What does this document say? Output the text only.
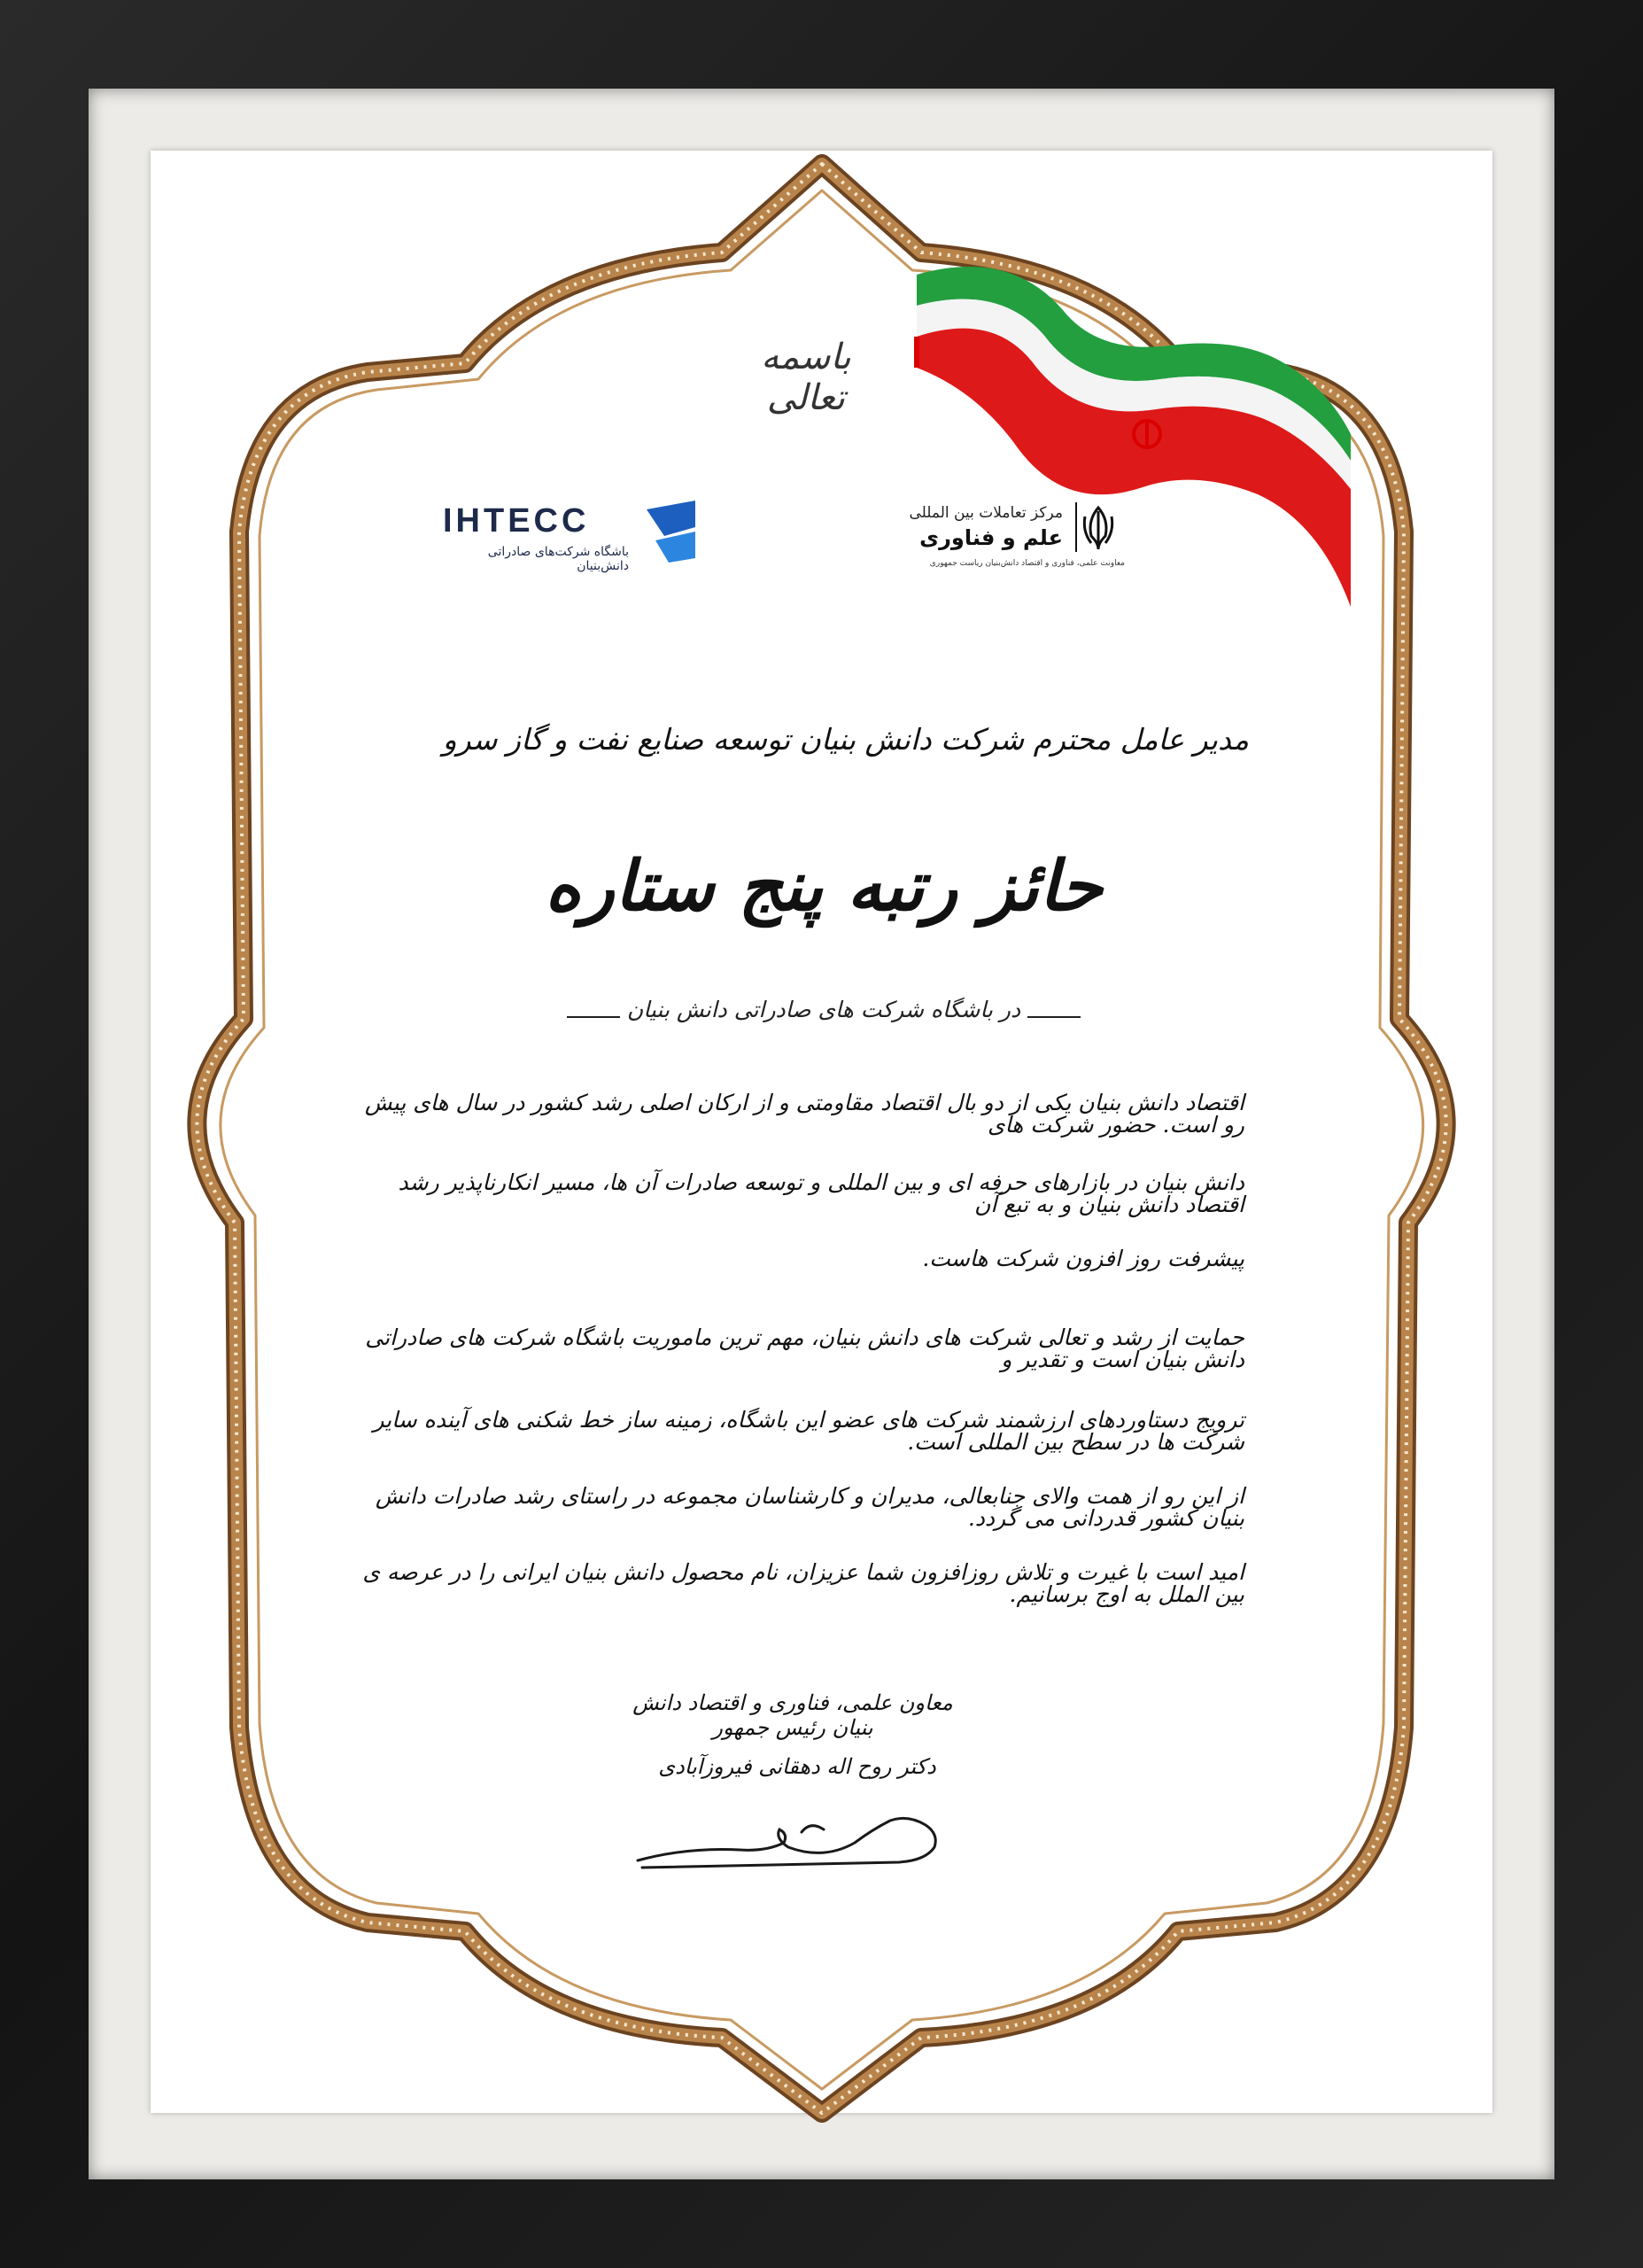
باسمه تعالی
IHTECC
باشگاه شرکت‌های صادراتی دانش‌بنیان
مرکز تعاملات بین المللی
علم و فناوری
معاونت علمی، فناوری و اقتصاد دانش‌بنیان ریاست جمهوری
مدیر عامل محترم شرکت دانش بنیان توسعه صنایع نفت و گاز سرو
حائز رتبه پنج ستاره
در باشگاه شرکت های صادراتی دانش بنیان
اقتصاد دانش بنیان یکی از دو بال اقتصاد مقاومتی و از ارکان اصلی رشد کشور در سال های پیش رو است. حضور شرکت های
دانش بنیان در بازارهای حرفه ای و بین المللی و توسعه صادرات آن ها، مسیر انکارناپذیر رشد اقتصاد دانش بنیان و به تبع آن
پیشرفت روز افزون شرکت هاست.
حمایت از رشد و تعالی شرکت های دانش بنیان، مهم ترین ماموریت باشگاه شرکت های صادراتی دانش بنیان است و تقدیر و
ترویج دستاوردهای ارزشمند شرکت های عضو این باشگاه، زمینه ساز خط شکنی های آینده سایر شرکت ها در سطح بین المللی است.
از این رو از همت والای جنابعالی، مدیران و کارشناسان مجموعه در راستای رشد صادرات دانش بنیان کشور قدردانی می گردد.
امید است با غیرت و تلاش روزافزون شما عزیزان، نام محصول دانش بنیان ایرانی را در عرصه ی بین الملل به اوج برسانیم.
معاون علمی، فناوری و اقتصاد دانش بنیان رئیس جمهور
دکتر روح اله دهقانی فیروزآبادی
